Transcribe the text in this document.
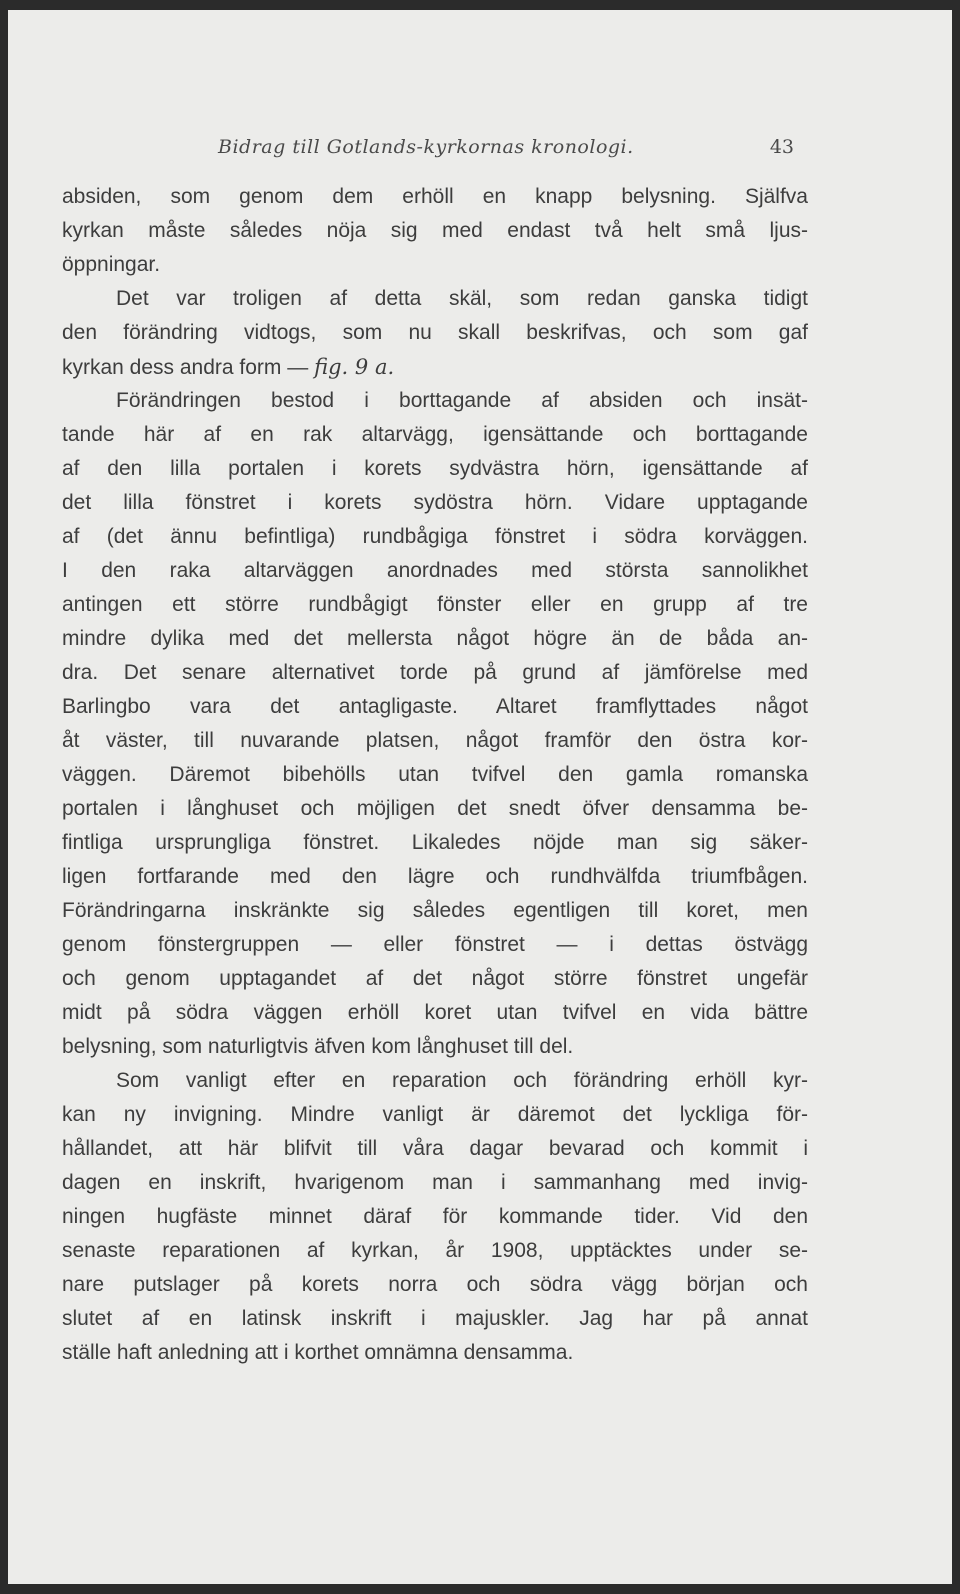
Bidrag till Gotlands-kyrkornas kronologi.	43
absiden, som genom dem erhöll en knapp belysning. Själfva
kyrkan måste således nöja sig med endast två helt små ljus-
öppningar.
Det var troligen af detta skäl, som redan ganska tidigt
den förändring vidtogs, som nu skall beskrifvas, och som gaf
kyrkan dess andra form — fig. 9 a.
Förändringen bestod i borttagande af absiden och insät-
tande här af en rak altarvägg, igensättande och borttagande
af den lilla portalen i korets sydvästra hörn, igensättande af
det lilla fönstret i korets sydöstra hörn. Vidare upptagande
af (det ännu befintliga) rundbågiga fönstret i södra korväggen.
I den raka altarväggen anordnades med största sannolikhet
antingen ett större rundbågigt fönster eller en grupp af tre
mindre dylika med det mellersta något högre än de båda an-
dra. Det senare alternativet torde på grund af jämförelse med
Barlingbo vara det antagligaste. Altaret framflyttades något
åt väster, till nuvarande platsen, något framför den östra kor-
väggen. Däremot bibehölls utan tvifvel den gamla romanska
portalen i långhuset och möjligen det snedt öfver densamma be-
fintliga ursprungliga fönstret. Likaledes nöjde man sig säker-
ligen fortfarande med den lägre och rundhvälfda triumfbågen.
Förändringarna inskränkte sig således egentligen till koret, men
genom fönstergruppen — eller fönstret — i dettas östvägg
och genom upptagandet af det något större fönstret ungefär
midt på södra väggen erhöll koret utan tvifvel en vida bättre
belysning, som naturligtvis äfven kom långhuset till del.
Som vanligt efter en reparation och förändring erhöll kyr-
kan ny invigning. Mindre vanligt är däremot det lyckliga för-
hållandet, att här blifvit till våra dagar bevarad och kommit i
dagen en inskrift, hvarigenom man i sammanhang med invig-
ningen hugfäste minnet däraf för kommande tider. Vid den
senaste reparationen af kyrkan, år 1908, upptäcktes under se-
nare putslager på korets norra och södra vägg början och
slutet af en latinsk inskrift i majuskler. Jag har på annat
ställe haft anledning att i korthet omnämna densamma.
